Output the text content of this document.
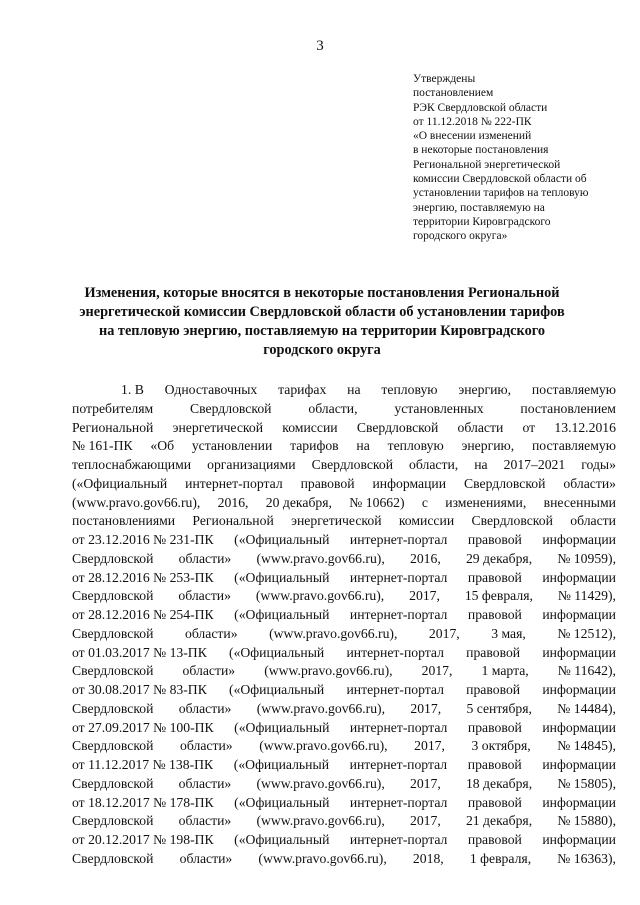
3
Утверждены
постановлением
РЭК Свердловской области
от 11.12.2018 № 222-ПК
«О внесении изменений
в некоторые постановления
Региональной энергетической
комиссии Свердловской области об
установлении тарифов на тепловую
энергию, поставляемую на
территории Кировградского
городского округа»
Изменения, которые вносятся в некоторые постановления Региональной
энергетической комиссии Свердловской области об установлении тарифов
на тепловую энергию, поставляемую на территории Кировградского
городского округа
1. В Одноставочных тарифах на тепловую энергию, поставляемую
потребителям	Свердловской	области,	установленных	постановлением
Региональной энергетической комиссии Свердловской области от 13.12.2016
№ 161-ПК «Об установлении тарифов на тепловую энергию, поставляемую
теплоснабжающими организациями Свердловской области, на 2017–2021 годы»
(«Официальный интернет-портал правовой информации Свердловской области»
(www.pravo.gov66.ru), 2016, 20 декабря, № 10662) с изменениями, внесенными
постановлениями Региональной энергетической комиссии Свердловской области
от 23.12.2016 № 231-ПК («Официальный интернет-портал правовой информации
Свердловской области» (www.pravo.gov66.ru), 2016, 29 декабря, № 10959),
от 28.12.2016 № 253-ПК («Официальный интернет-портал правовой информации
Свердловской области» (www.pravo.gov66.ru), 2017, 15 февраля, № 11429),
от 28.12.2016 № 254-ПК («Официальный интернет-портал правовой информации
Свердловской области» (www.pravo.gov66.ru), 2017, 3 мая, № 12512),
от 01.03.2017 № 13-ПК («Официальный интернет-портал правовой информации
Свердловской области» (www.pravo.gov66.ru), 2017, 1 марта, № 11642),
от 30.08.2017 № 83-ПК («Официальный интернет-портал правовой информации
Свердловской области» (www.pravo.gov66.ru), 2017, 5 сентября, № 14484),
от 27.09.2017 № 100-ПК («Официальный интернет-портал правовой информации
Свердловской области» (www.pravo.gov66.ru), 2017, 3 октября, № 14845),
от 11.12.2017 № 138-ПК («Официальный интернет-портал правовой информации
Свердловской области» (www.pravo.gov66.ru), 2017, 18 декабря, № 15805),
от 18.12.2017 № 178-ПК («Официальный интернет-портал правовой информации
Свердловской области» (www.pravo.gov66.ru), 2017, 21 декабря, № 15880),
от 20.12.2017 № 198-ПК («Официальный интернет-портал правовой информации
Свердловской области» (www.pravo.gov66.ru), 2018, 1 февраля, № 16363),
